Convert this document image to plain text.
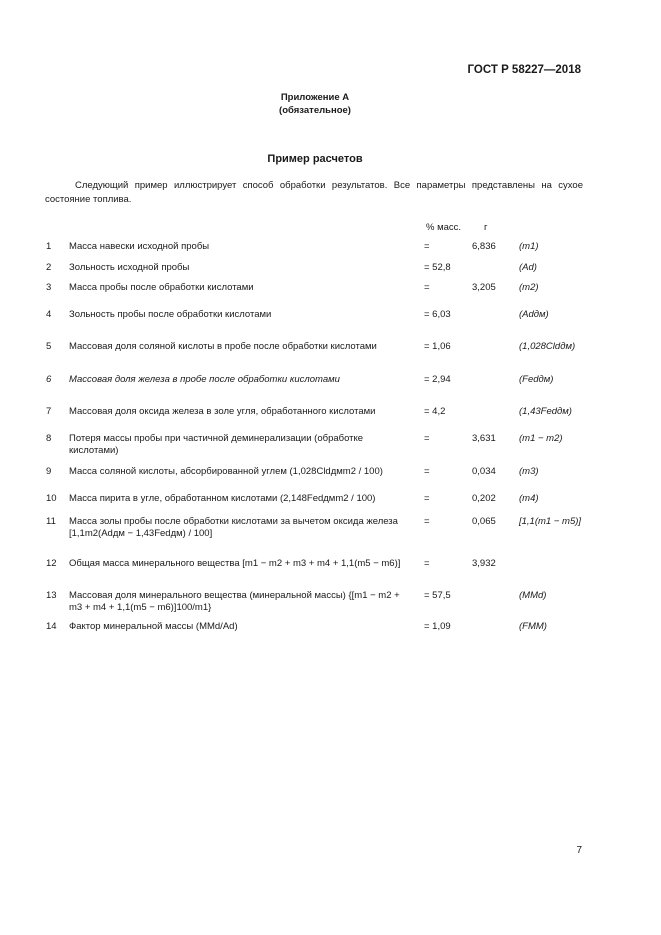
ГОСТ Р 58227—2018
Приложение А
(обязательное)
Пример расчетов
Следующий пример иллюстрирует способ обработки результатов. Все параметры представлены на сухое состояние топлива.
% масс. г
1 Масса навески исходной пробы	=	6,836 (m1)
2 Зольность исходной пробы	= 52,8	(Ad)
3 Масса пробы после обработки кислотами	=	3,205 (m2)
4 Зольность пробы после обработки кислотами	= 6,03	(Adдм)
5 Массовая доля соляной кислоты в пробе после обработки кислотами	= 1,06	(1,028Cldдм)
6 Массовая доля железа в пробе после обработки кислотами	= 2,94	(Fedдм)
7 Массовая доля оксида железа в золе угля, обработанного кислотами	= 4,2	(1,43Fedдм)
8 Потеря массы пробы при частичной деминерализации (обработке кислотами)
=	3,631 (m1 − m2)
9 Масса соляной кислоты, абсорбированной углем (1,028Cldдмm2 / 100)	=	0,034 (m3)
10 Масса пирита в угле, обработанном кислотами (2,148Fedдмm2 / 100)	=	0,202 (m4)
11 Масса золы пробы после обработки кислотами за вычетом оксида железа [1,1m2(Adдм − 1,43Fedдм) / 100]
=	0,065 [1,1(m1 − m5)]
12 Общая масса минерального вещества [m1 − m2 + m3 + m4 + 1,1(m5 − m6)]	=	3,932
13 Массовая доля минерального вещества (минеральной массы) {[m1 − m2 + m3 + m4 + 1,1(m5 − m6)]100/m1}
= 57,5	(MMd)
14 Фактор минеральной массы (MMd/Ad)	= 1,09	(FMM)
7
